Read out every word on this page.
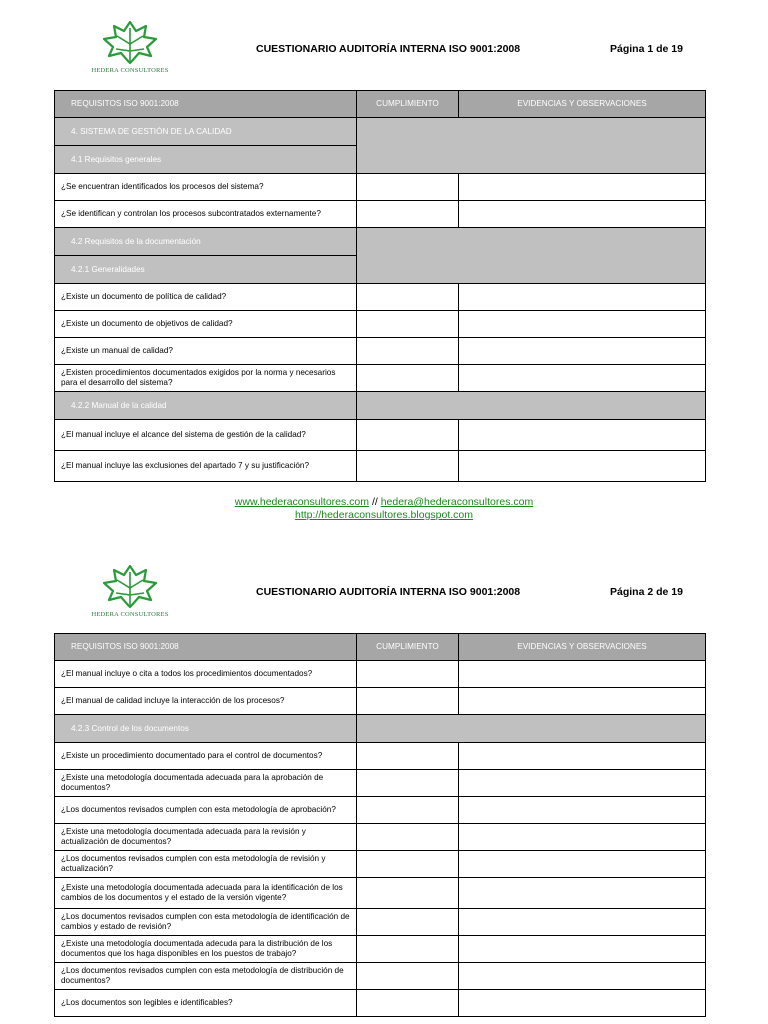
HEDERA CONSULTORES
CUESTIONARIO AUDITORÍA INTERNA ISO 9001:2008	Página 1 de 19
REQUISITOS ISO 9001:2008	CUMPLIMIENTO	EVIDENCIAS Y OBSERVACIONES
4. SISTEMA DE GESTIÓN DE LA CALIDAD		
4.1 Requisitos generales		
¿Se encuentran identificados los procesos del sistema?		
¿Se identifican y controlan los procesos subcontratados externamente?		
4.2 Requisitos de la documentación		
4.2.1 Generalidades		
¿Existe un documento de política de calidad?		
¿Existe un documento de objetivos de calidad?		
¿Existe un manual de calidad?		
¿Existen procedimientos documentados exigidos por la norma y necesarios para el desarrollo del sistema?		
4.2.2 Manual de la calidad		
¿El manual incluye el alcance del sistema de gestión de la calidad?		
¿El manual incluye las exclusiones del apartado 7 y su justificación?		
www.hederaconsultores.com // hedera@hederaconsultores.com
http://hederaconsultores.blogspot.com
HEDERA CONSULTORES
CUESTIONARIO AUDITORÍA INTERNA ISO 9001:2008	Página 2 de 19
REQUISITOS ISO 9001:2008	CUMPLIMIENTO	EVIDENCIAS Y OBSERVACIONES
¿El manual incluye o cita a todos los procedimientos documentados?		
¿El manual de calidad incluye la interacción de los procesos?		
4.2.3 Control de los documentos		
¿Existe un procedimiento documentado para el control de documentos?		
¿Existe una metodología documentada adecuada para la aprobación de documentos?		
¿Los documentos revisados cumplen con esta metodología de aprobación?		
¿Existe una metodología documentada adecuada para la revisión y actualización de documentos?		
¿Los documentos revisados cumplen con esta metodología de revisión y actualización?		
¿Existe una metodología documentada adecuada para la identificación de los cambios de los documentos y el estado de la versión vigente?		
¿Los documentos revisados cumplen con esta metodología de identificación de cambios y estado de revisión?		
¿Existe una metodología documentada adecuda para la distribución de los documentos que los haga disponibles en los puestos de trabajo?		
¿Los documentos revisados cumplen con esta metodología de distribución de documentos?		
¿Los documentos son legibles e identificables?		
